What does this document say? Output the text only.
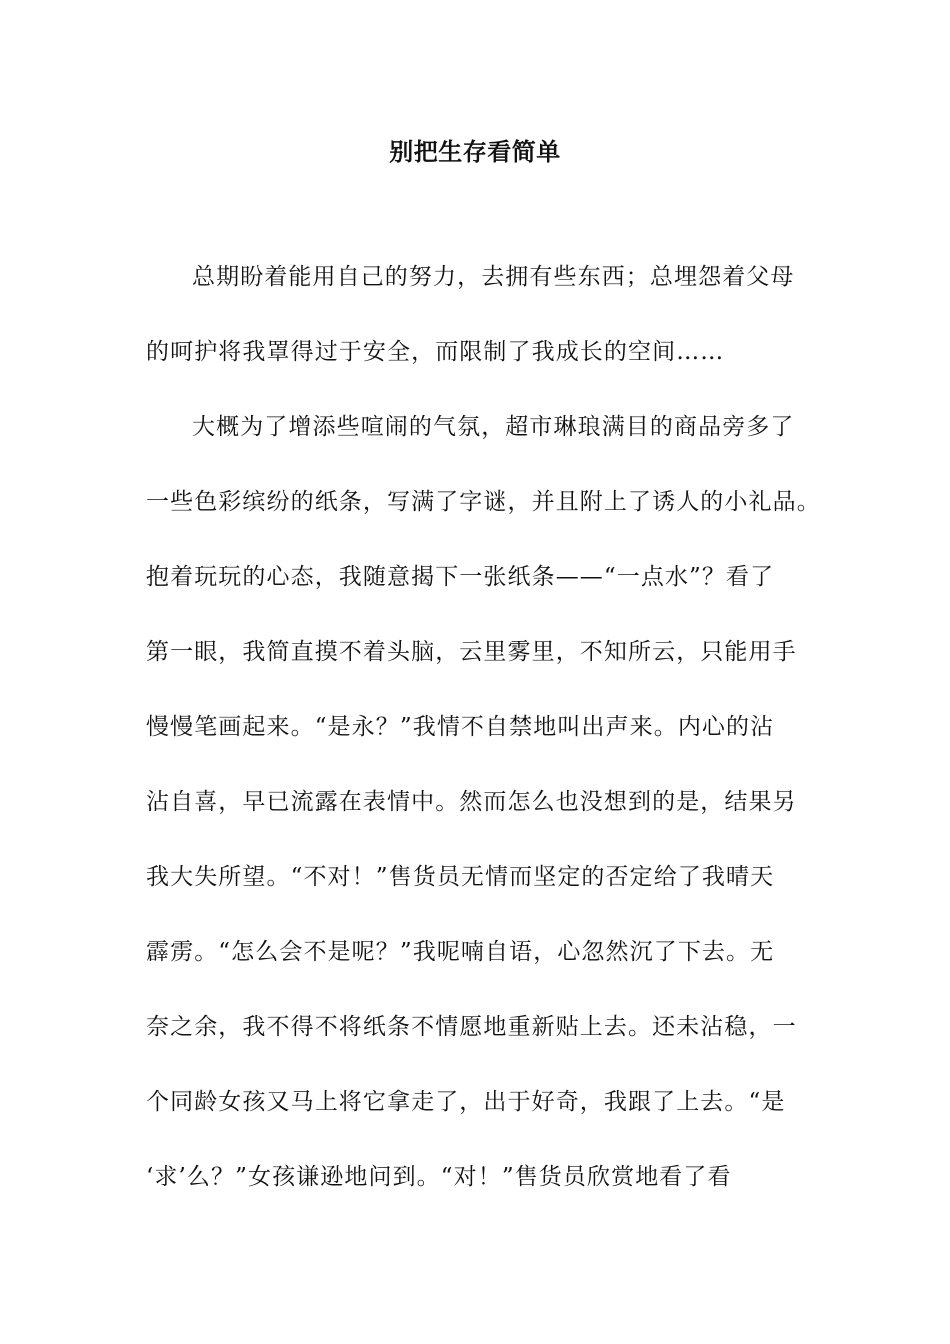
别把生存看简单
总期盼着能用自己的努力，去拥有些东西；总埋怨着父母
的呵护将我罩得过于安全，而限制了我成长的空间……
大概为了增添些喧闹的气氛，超市琳琅满目的商品旁多了
一些色彩缤纷的纸条，写满了字谜，并且附上了诱人的小礼品。
抱着玩玩的心态，我随意揭下一张纸条——“一点水”？看了
第一眼，我简直摸不着头脑，云里雾里，不知所云，只能用手
慢慢笔画起来。“是永？”我情不自禁地叫出声来。内心的沾
沾自喜，早已流露在表情中。然而怎么也没想到的是，结果另
我大失所望。“不对！”售货员无情而坚定的否定给了我晴天
霹雳。“怎么会不是呢？”我呢喃自语，心忽然沉了下去。无
奈之余，我不得不将纸条不情愿地重新贴上去。还未沾稳，一
个同龄女孩又马上将它拿走了，出于好奇，我跟了上去。“是
‘求’么？”女孩谦逊地问到。“对！”售货员欣赏地看了看
